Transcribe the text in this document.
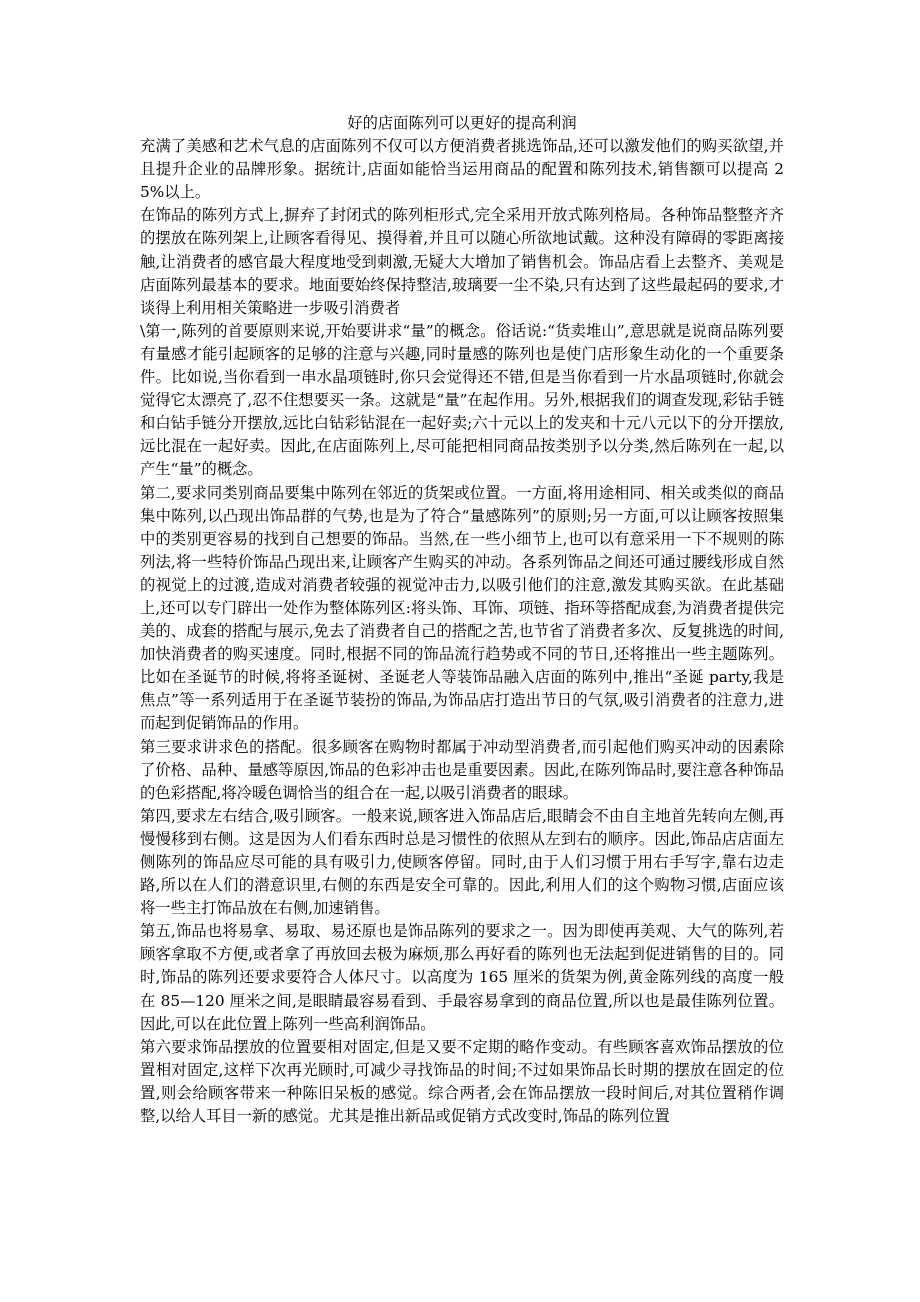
好的店面陈列可以更好的提高利润

充满了美感和艺术气息的店面陈列不仅可以方便消费者挑选饰品,还可以激发他们的购买欲望,并且提升企业的品牌形象。据统计,店面如能恰当运用商品的配置和陈列技术,销售额可以提高 25%以上。

在饰品的陈列方式上,摒弃了封闭式的陈列柜形式,完全采用开放式陈列格局。各种饰品整整齐齐的摆放在陈列架上,让顾客看得见、摸得着,并且可以随心所欲地试戴。这种没有障碍的零距离接触,让消费者的感官最大程度地受到刺激,无疑大大增加了销售机会。饰品店看上去整齐、美观是店面陈列最基本的要求。地面要始终保持整洁,玻璃要一尘不染,只有达到了这些最起码的要求,才谈得上利用相关策略进一步吸引消费者

\第一,陈列的首要原则来说,开始要讲求“量”的概念。俗话说:“货卖堆山”,意思就是说商品陈列要有量感才能引起顾客的足够的注意与兴趣,同时量感的陈列也是使门店形象生动化的一个重要条件。比如说,当你看到一串水晶项链时,你只会觉得还不错,但是当你看到一片水晶项链时,你就会觉得它太漂亮了,忍不住想要买一条。这就是“量”在起作用。另外,根据我们的调查发现,彩钻手链和白钻手链分开摆放,远比白钻彩钻混在一起好卖;六十元以上的发夹和十元八元以下的分开摆放,远比混在一起好卖。因此,在店面陈列上,尽可能把相同商品按类别予以分类,然后陈列在一起,以产生“量”的概念。

第二,要求同类别商品要集中陈列在邻近的货架或位置。一方面,将用途相同、相关或类似的商品集中陈列,以凸现出饰品群的气势,也是为了符合“量感陈列”的原则;另一方面,可以让顾客按照集中的类别更容易的找到自己想要的饰品。当然,在一些小细节上,也可以有意采用一下不规则的陈列法,将一些特价饰品凸现出来,让顾客产生购买的冲动。各系列饰品之间还可通过腰线形成自然的视觉上的过渡,造成对消费者较强的视觉冲击力,以吸引他们的注意,激发其购买欲。在此基础上,还可以专门辟出一处作为整体陈列区:将头饰、耳饰、项链、指环等搭配成套,为消费者提供完美的、成套的搭配与展示,免去了消费者自己的搭配之苦,也节省了消费者多次、反复挑选的时间,加快消费者的购买速度。同时,根据不同的饰品流行趋势或不同的节日,还将推出一些主题陈列。比如在圣诞节的时候,将将圣诞树、圣诞老人等装饰品融入店面的陈列中,推出“圣诞 party,我是焦点”等一系列适用于在圣诞节装扮的饰品,为饰品店打造出节日的气氛,吸引消费者的注意力,进而起到促销饰品的作用。

第三要求讲求色的搭配。很多顾客在购物时都属于冲动型消费者,而引起他们购买冲动的因素除了价格、品种、量感等原因,饰品的色彩冲击也是重要因素。因此,在陈列饰品时,要注意各种饰品的色彩搭配,将冷暖色调恰当的组合在一起,以吸引消费者的眼球。

第四,要求左右结合,吸引顾客。一般来说,顾客进入饰品店后,眼睛会不由自主地首先转向左侧,再慢慢移到右侧。这是因为人们看东西时总是习惯性的依照从左到右的顺序。因此,饰品店店面左侧陈列的饰品应尽可能的具有吸引力,使顾客停留。同时,由于人们习惯于用右手写字,靠右边走路,所以在人们的潜意识里,右侧的东西是安全可靠的。因此,利用人们的这个购物习惯,店面应该将一些主打饰品放在右侧,加速销售。

第五,饰品也将易拿、易取、易还原也是饰品陈列的要求之一。因为即使再美观、大气的陈列,若顾客拿取不方便,或者拿了再放回去极为麻烦,那么再好看的陈列也无法起到促进销售的目的。同时,饰品的陈列还要求要符合人体尺寸。以高度为 165 厘米的货架为例,黄金陈列线的高度一般在 85—120 厘米之间,是眼睛最容易看到、手最容易拿到的商品位置,所以也是最佳陈列位置。因此,可以在此位置上陈列一些高利润饰品。

第六要求饰品摆放的位置要相对固定,但是又要不定期的略作变动。有些顾客喜欢饰品摆放的位置相对固定,这样下次再光顾时,可减少寻找饰品的时间;不过如果饰品长时期的摆放在固定的位置,则会给顾客带来一种陈旧呆板的感觉。综合两者,会在饰品摆放一段时间后,对其位置稍作调整,以给人耳目一新的感觉。尤其是推出新品或促销方式改变时,饰品的陈列位置
